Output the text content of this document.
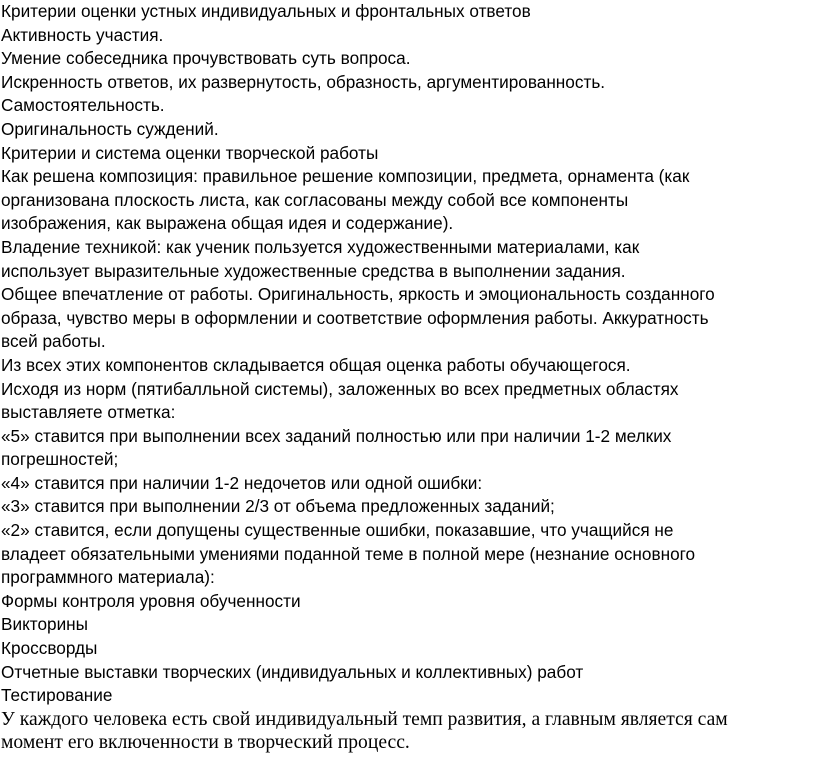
Критерии оценки устных индивидуальных и фронтальных ответов

Активность участия.

Умение собеседника прочувствовать суть вопроса.

Искренность ответов, их развернутость, образность, аргументированность.

Самостоятельность.

Оригинальность суждений.

Критерии и система оценки творческой работы

Как решена композиция: правильное решение композиции, предмета, орнамента (как

организована плоскость листа, как согласованы между собой все компоненты

изображения, как выражена общая идея и содержание).

Владение техникой: как ученик пользуется художественными материалами, как

использует выразительные художественные средства в выполнении задания.

Общее впечатление от работы. Оригинальность, яркость и эмоциональность созданного

образа, чувство меры в оформлении и соответствие оформления работы. Аккуратность

всей работы.

Из всех этих компонентов складывается общая оценка работы обучающегося.

Исходя из норм (пятибалльной системы), заложенных во всех предметных областях

выставляете отметка:

«5» ставится при выполнении всех заданий полностью или при наличии 1-2 мелких

погрешностей;

«4» ставится при наличии 1-2 недочетов или одной ошибки:

«3» ставится при выполнении 2/3 от объема предложенных заданий;

«2» ставится, если допущены существенные ошибки, показавшие, что учащийся не

владеет обязательными умениями поданной теме в полной мере (незнание основного

программного материала):

Формы контроля уровня обученности

Викторины

Кроссворды

Отчетные выставки творческих (индивидуальных и коллективных) работ

Тестирование

У каждого человека есть свой индивидуальный темп развития, а главным является сам

момент его включенности в творческий процесс.
